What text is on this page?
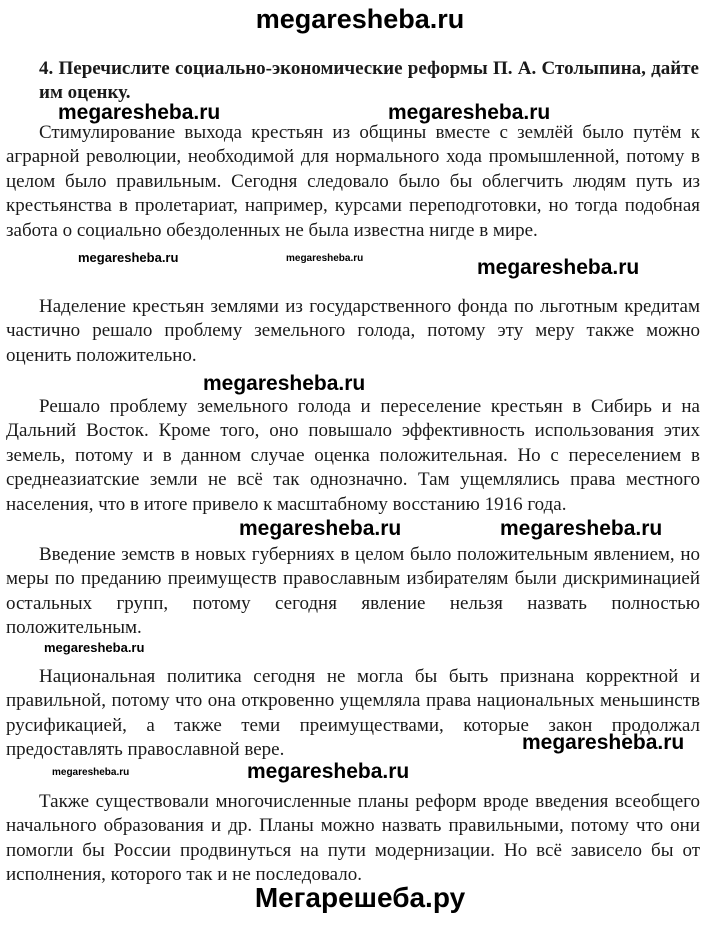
megaresheba.ru
4. Перечислите социально-экономические реформы П. А. Столыпина, дайте им оценку.

Стимулирование выхода крестьян из общины вместе с землёй было путём к аграрной революции, необходимой для нормального хода промышленной, потому в целом было правильным. Сегодня следовало было бы облегчить людям путь из крестьянства в пролетариат, например, курсами переподготовки, но тогда подобная забота о социально обездоленных не была известна нигде в мире.

Наделение крестьян землями из государственного фонда по льготным кредитам частично решало проблему земельного голода, потому эту меру также можно оценить положительно.

Решало проблему земельного голода и переселение крестьян в Сибирь и на Дальний Восток. Кроме того, оно повышало эффективность использования этих земель, потому и в данном случае оценка положительная. Но с переселением в среднеазиатские земли не всё так однозначно. Там ущемлялись права местного населения, что в итоге привело к масштабному восстанию 1916 года.

Введение земств в новых губерниях в целом было положительным явлением, но меры по преданию преимуществ православным избирателям были дискриминацией остальных групп, потому сегодня явление нельзя назвать полностью положительным.

Национальная политика сегодня не могла бы быть признана корректной и правильной, потому что она откровенно ущемляла права национальных меньшинств русификацией, а также теми преимуществами, которые закон продолжал предоставлять православной вере.

Также существовали многочисленные планы реформ вроде введения всеобщего начального образования и др. Планы можно назвать правильными, потому что они помогли бы России продвинуться на пути модернизации. Но всё зависело бы от исполнения, которого так и не последовало.

megaresheba.ru	megaresheba.ru
megaresheba.ru	megaresheba.ru	megaresheba.ru
megaresheba.ru
megaresheba.ru	megaresheba.ru
megaresheba.ru
megaresheba.ru
megaresheba.ru	megaresheba.ru
Мегарешеба.ру
